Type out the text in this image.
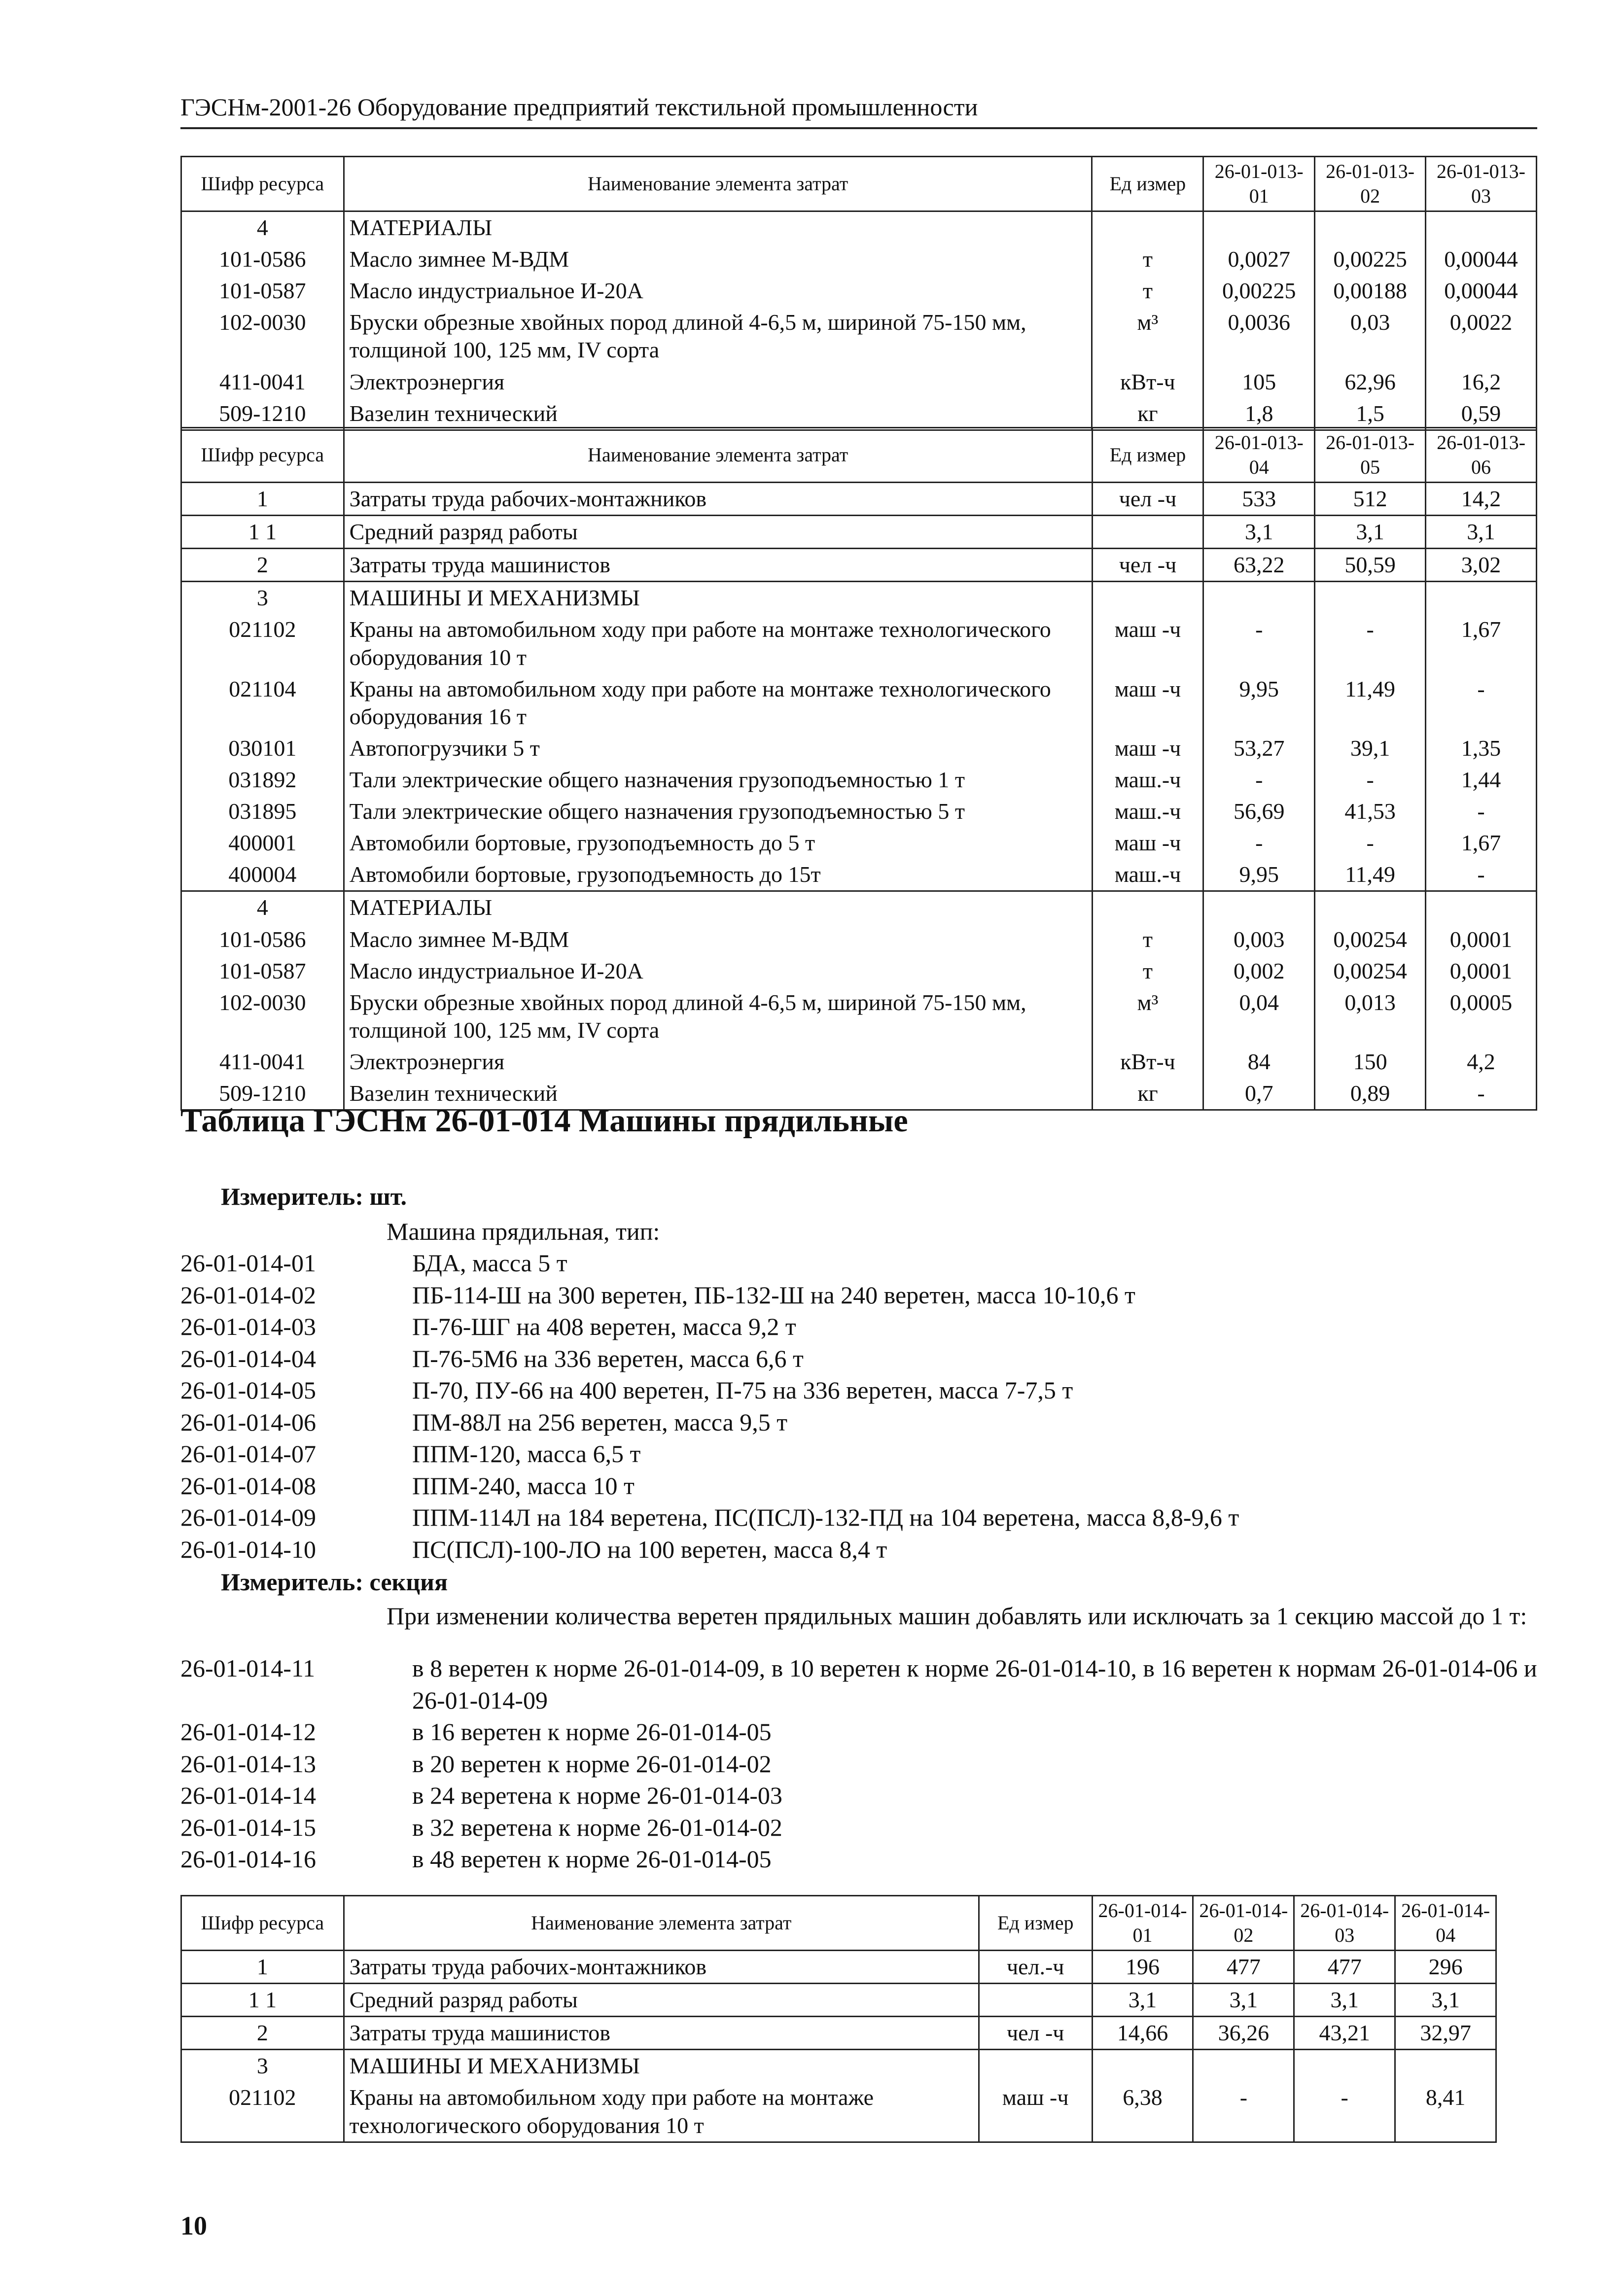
ГЭСНм-2001-26 Оборудование предприятий текстильной промышленности
Шифр ресурса	Наименование элемента затрат	Ед измер	26-01-013-01	26-01-013-02	26-01-013-03
4	МАТЕРИАЛЫ				
101-0586	Масло зимнее М-ВДМ	т	0,0027	0,00225	0,00044
101-0587	Масло индустриальное И-20А	т	0,00225	0,00188	0,00044
102-0030	Бруски обрезные хвойных пород длиной 4-6,5 м, шириной 75-150 мм, толщиной 100, 125 мм, IV сорта	м³	0,0036	0,03	0,0022
411-0041	Электроэнергия	кВт-ч	105	62,96	16,2
509-1210	Вазелин технический	кг	1,8	1,5	0,59
Шифр ресурса	Наименование элемента затрат	Ед измер	26-01-013-04	26-01-013-05	26-01-013-06
1	Затраты труда рабочих-монтажников	чел -ч	533	512	14,2
1 1	Средний разряд работы		3,1	3,1	3,1
2	Затраты труда машинистов	чел -ч	63,22	50,59	3,02
3	МАШИНЫ И МЕХАНИЗМЫ				
021102	Краны на автомобильном ходу при работе на монтаже технологического оборудования 10 т	маш -ч	-	-	1,67
021104	Краны на автомобильном ходу при работе на монтаже технологического оборудования 16 т	маш -ч	9,95	11,49	-
030101	Автопогрузчики 5 т	маш -ч	53,27	39,1	1,35
031892	Тали электрические общего назначения грузоподъемностью 1 т	маш.-ч	-	-	1,44
031895	Тали электрические общего назначения грузоподъемностью 5 т	маш.-ч	56,69	41,53	-
400001	Автомобили бортовые, грузоподъемность до 5 т	маш -ч	-	-	1,67
400004	Автомобили бортовые, грузоподъемность до 15т	маш.-ч	9,95	11,49	-
4	МАТЕРИАЛЫ				
101-0586	Масло зимнее М-ВДМ	т	0,003	0,00254	0,0001
101-0587	Масло индустриальное И-20А	т	0,002	0,00254	0,0001
102-0030	Бруски обрезные хвойных пород длиной 4-6,5 м, шириной 75-150 мм, толщиной 100, 125 мм, IV сорта	м³	0,04	0,013	0,0005
411-0041	Электроэнергия	кВт-ч	84	150	4,2
509-1210	Вазелин технический	кг	0,7	0,89	-
Таблица ГЭСНм 26-01-014 Машины прядильные
Измеритель: шт.
Машина прядильная, тип:
26-01-014-01	БДА, масса 5 т
26-01-014-02	ПБ-114-Ш на 300 веретен, ПБ-132-Ш на 240 веретен, масса 10-10,6 т
26-01-014-03	П-76-ШГ на 408 веретен, масса 9,2 т
26-01-014-04	П-76-5М6 на 336 веретен, масса 6,6 т
26-01-014-05	П-70, ПУ-66 на 400 веретен, П-75 на 336 веретен, масса 7-7,5 т
26-01-014-06	ПМ-88Л на 256 веретен, масса 9,5 т
26-01-014-07	ППМ-120, масса 6,5 т
26-01-014-08	ППМ-240, масса 10 т
26-01-014-09	ППМ-114Л на 184 веретена, ПС(ПСЛ)-132-ПД на 104 веретена, масса 8,8-9,6 т
26-01-014-10	ПС(ПСЛ)-100-ЛО на 100 веретен, масса 8,4 т
Измеритель: секция
При изменении количества веретен прядильных машин добавлять или исключать за 1 секцию массой до 1 т:
26-01-014-11	в 8 веретен к норме 26-01-014-09, в 10 веретен к норме 26-01-014-10, в 16 веретен к нормам 26-01-014-06 и 26-01-014-09
26-01-014-12	в 16 веретен к норме 26-01-014-05
26-01-014-13	в 20 веретен к норме 26-01-014-02
26-01-014-14	в 24 веретена к норме 26-01-014-03
26-01-014-15	в 32 веретена к норме 26-01-014-02
26-01-014-16	в 48 веретен к норме 26-01-014-05
Шифр ресурса	Наименование элемента затрат	Ед измер	26-01-014-01	26-01-014-02	26-01-014-03	26-01-014-04
1	Затраты труда рабочих-монтажников	чел.-ч	196	477	477	296
1 1	Средний разряд работы		3,1	3,1	3,1	3,1
2	Затраты труда машинистов	чел -ч	14,66	36,26	43,21	32,97
3	МАШИНЫ И МЕХАНИЗМЫ					
021102	Краны на автомобильном ходу при работе на монтаже технологического оборудования 10 т	маш -ч	6,38	-	-	8,41
10
